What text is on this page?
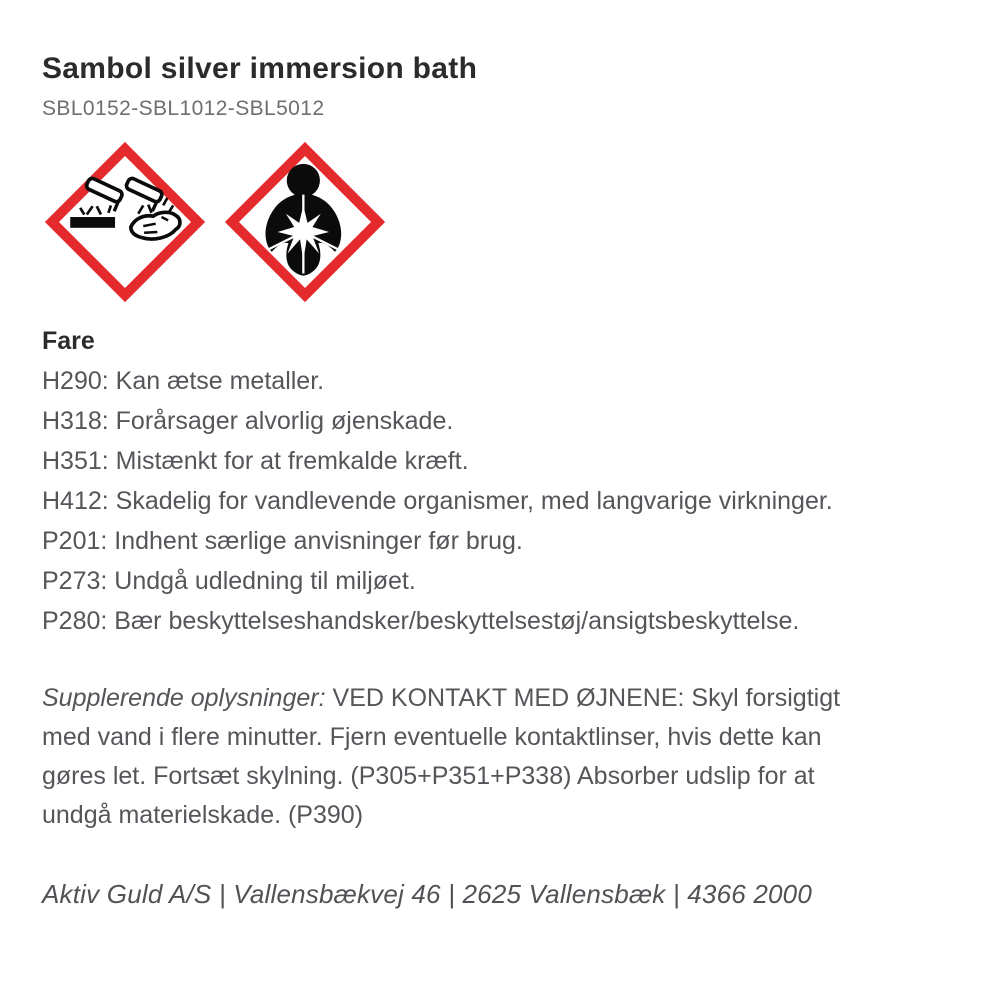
Sambol silver immersion bath
SBL0152-SBL1012-SBL5012
Fare
H290: Kan ætse metaller.
H318: Forårsager alvorlig øjenskade.
H351: Mistænkt for at fremkalde kræft.
H412: Skadelig for vandlevende organismer, med langvarige virkninger.
P201: Indhent særlige anvisninger før brug.
P273: Undgå udledning til miljøet.
P280: Bær beskyttelseshandsker/beskyttelsestøj/ansigtsbeskyttelse.

Supplerende oplysninger: VED KONTAKT MED ØJNENE: Skyl forsigtigt
med vand i flere minutter. Fjern eventuelle kontaktlinser, hvis dette kan
gøres let. Fortsæt skylning. (P305+P351+P338) Absorber udslip for at
undgå materielskade. (P390)

Aktiv Guld A/S | Vallensbækvej 46 | 2625 Vallensbæk | 4366 2000
